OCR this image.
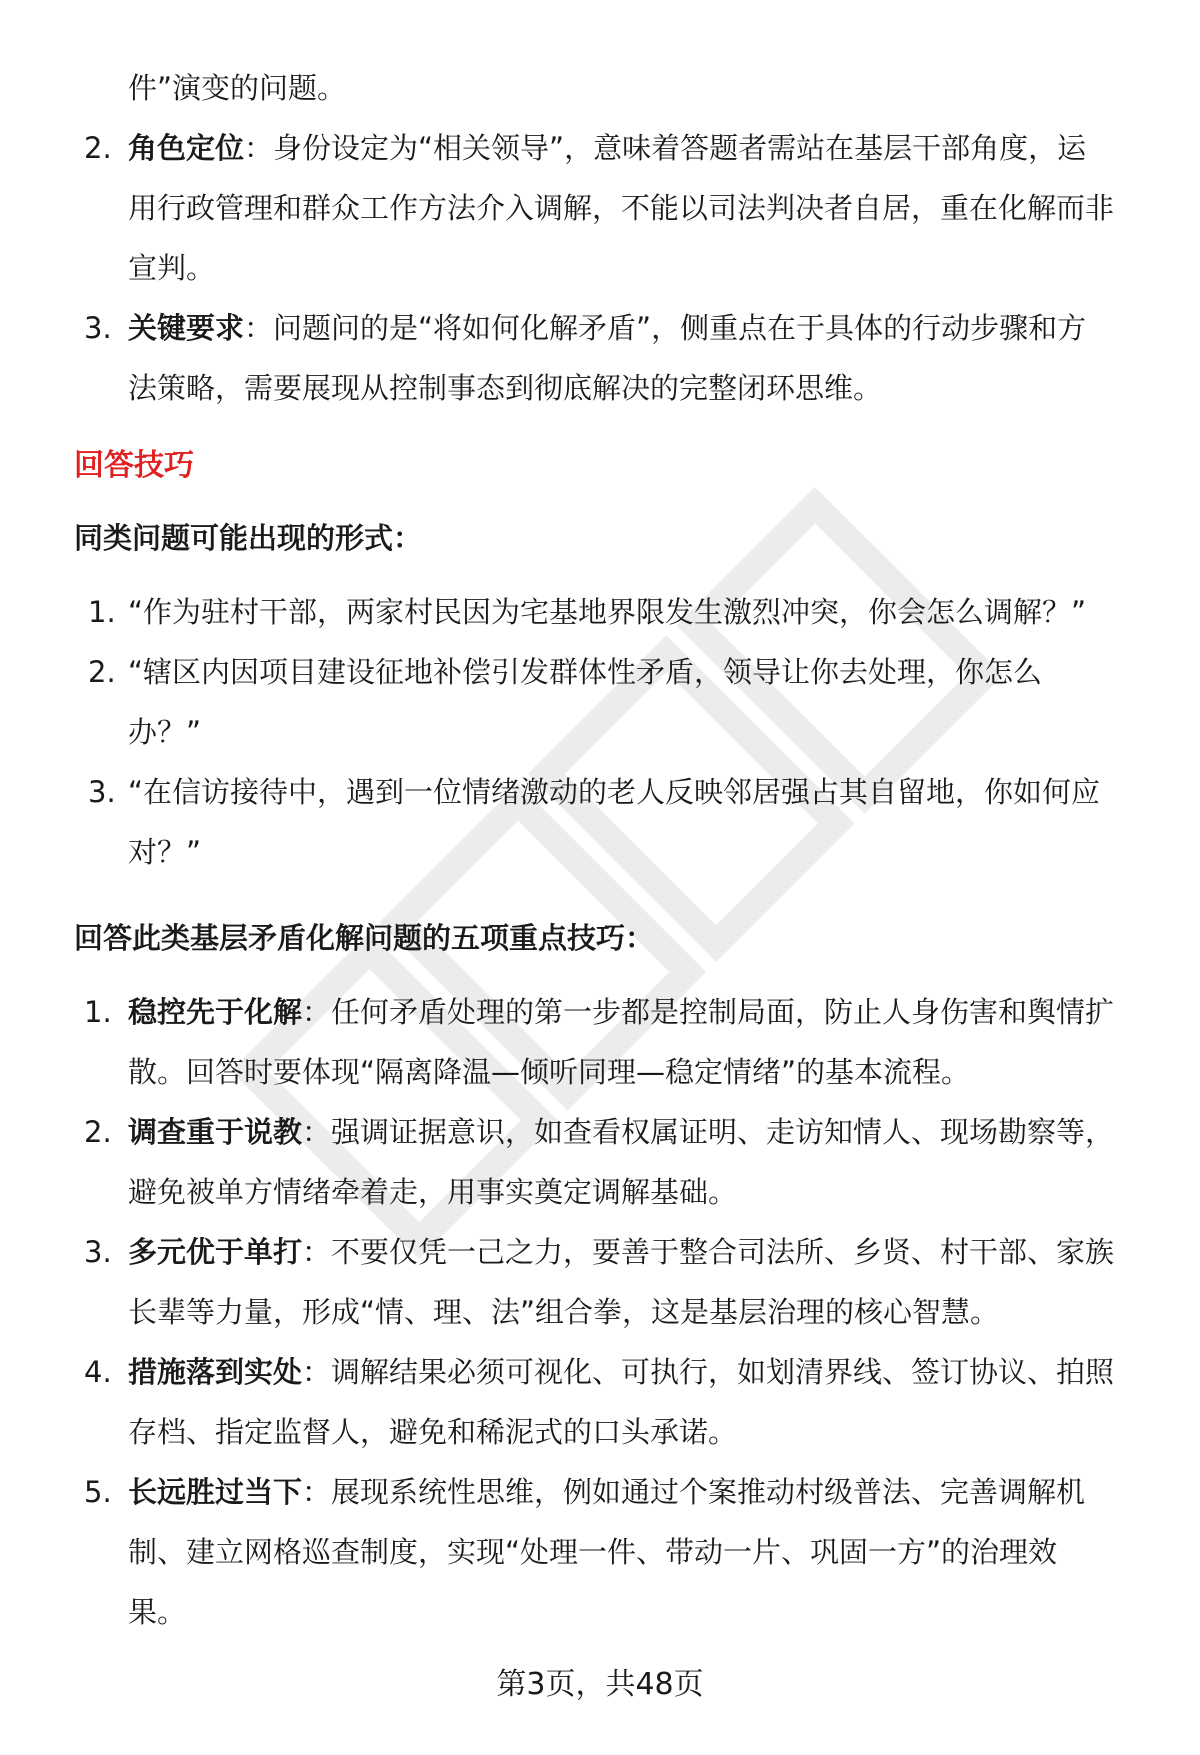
件”演变的问题。
2. 角色定位：身份设定为“相关领导”，意味着答题者需站在基层干部角度，运
用行政管理和群众工作方法介入调解，不能以司法判决者自居，重在化解而非
宣判。
3. 关键要求：问题问的是“将如何化解矛盾”，侧重点在于具体的行动步骤和方
法策略，需要展现从控制事态到彻底解决的完整闭环思维。
回答技巧
同类问题可能出现的形式：
1. “作为驻村干部，两家村民因为宅基地界限发生激烈冲突，你会怎么调解？”
2. “辖区内因项目建设征地补偿引发群体性矛盾，领导让你去处理，你怎么
办？”
3. “在信访接待中，遇到一位情绪激动的老人反映邻居强占其自留地，你如何应
对？”
回答此类基层矛盾化解问题的五项重点技巧：
1. 稳控先于化解：任何矛盾处理的第一步都是控制局面，防止人身伤害和舆情扩
散。回答时要体现“隔离降温—倾听同理—稳定情绪”的基本流程。
2. 调查重于说教：强调证据意识，如查看权属证明、走访知情人、现场勘察等，
避免被单方情绪牵着走，用事实奠定调解基础。
3. 多元优于单打：不要仅凭一己之力，要善于整合司法所、乡贤、村干部、家族
长辈等力量，形成“情、理、法”组合拳，这是基层治理的核心智慧。
4. 措施落到实处：调解结果必须可视化、可执行，如划清界线、签订协议、拍照
存档、指定监督人，避免和稀泥式的口头承诺。
5. 长远胜过当下：展现系统性思维，例如通过个案推动村级普法、完善调解机
制、建立网格巡查制度，实现“处理一件、带动一片、巩固一方”的治理效
果。
第3页，共48页
